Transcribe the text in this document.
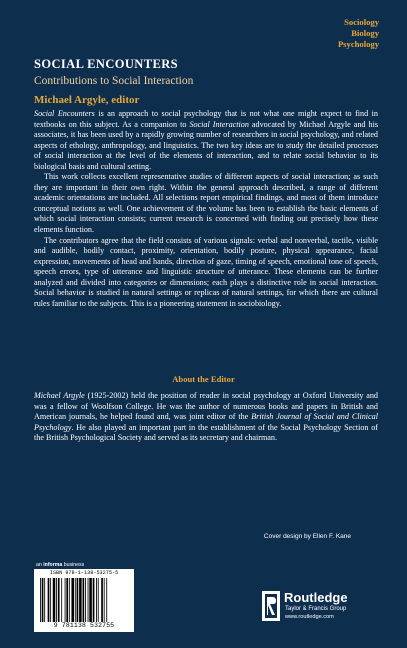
Sociology
Biology
Psychology
SOCIAL ENCOUNTERS
Contributions to Social Interaction
Michael Argyle, editor

Social Encounters is an approach to social psychology that is not what one might expect to find in textbooks on this subject. As a companion to Social Interaction advocated by Michael Argyle and his associates, it has been used by a rapidly growing number of researchers in social psychology, and related aspects of ethology, anthropology, and linguistics. The two key ideas are to study the detailed processes of social interaction at the level of the elements of interaction, and to relate social behavior to its biological basis and cultural setting.

This work collects excellent representative studies of different aspects of social interaction; as such they are important in their own right. Within the general approach described, a range of different academic orientations are included. All selections report empirical findings, and most of them introduce conceptual notions as well. One achievement of the volume has been to establish the basic elements of which social interaction consists; current research is concerned with finding out precisely how these elements function.

The contributors agree that the field consists of various signals: verbal and nonverbal, tactile, visible and audible, bodily contact, proximity, orientation, bodily posture, physical appearance, facial expression, movements of head and hands, direction of gaze, timing of speech, emotional tone of speech, speech errors, type of utterance and linguistic structure of utterance. These elements can be further analyzed and divided into categories or dimensions; each plays a distinctive role in social interaction. Social behavior is studied in natural settings or replicas of natural settings, for which there are cultural rules familiar to the subjects. This is a pioneering statement in sociobiology.

About the Editor

Michael Argyle (1925-2002) held the position of reader in social psychology at Oxford University and was a fellow of Woolfson College. He was the author of numerous books and papers in British and American journals, he helped found and, was joint editor of the British Journal of Social and Clinical Psychology. He also played an important part in the establishment of the Social Psychology Section of the British Psychological Society and served as its secretary and chairman.

Cover design by Ellen F. Kane
an informa business
ISBN 978-1-138-53275-5
9 781138 532755
Routledge
Taylor & Francis Group
www.routledge.com
